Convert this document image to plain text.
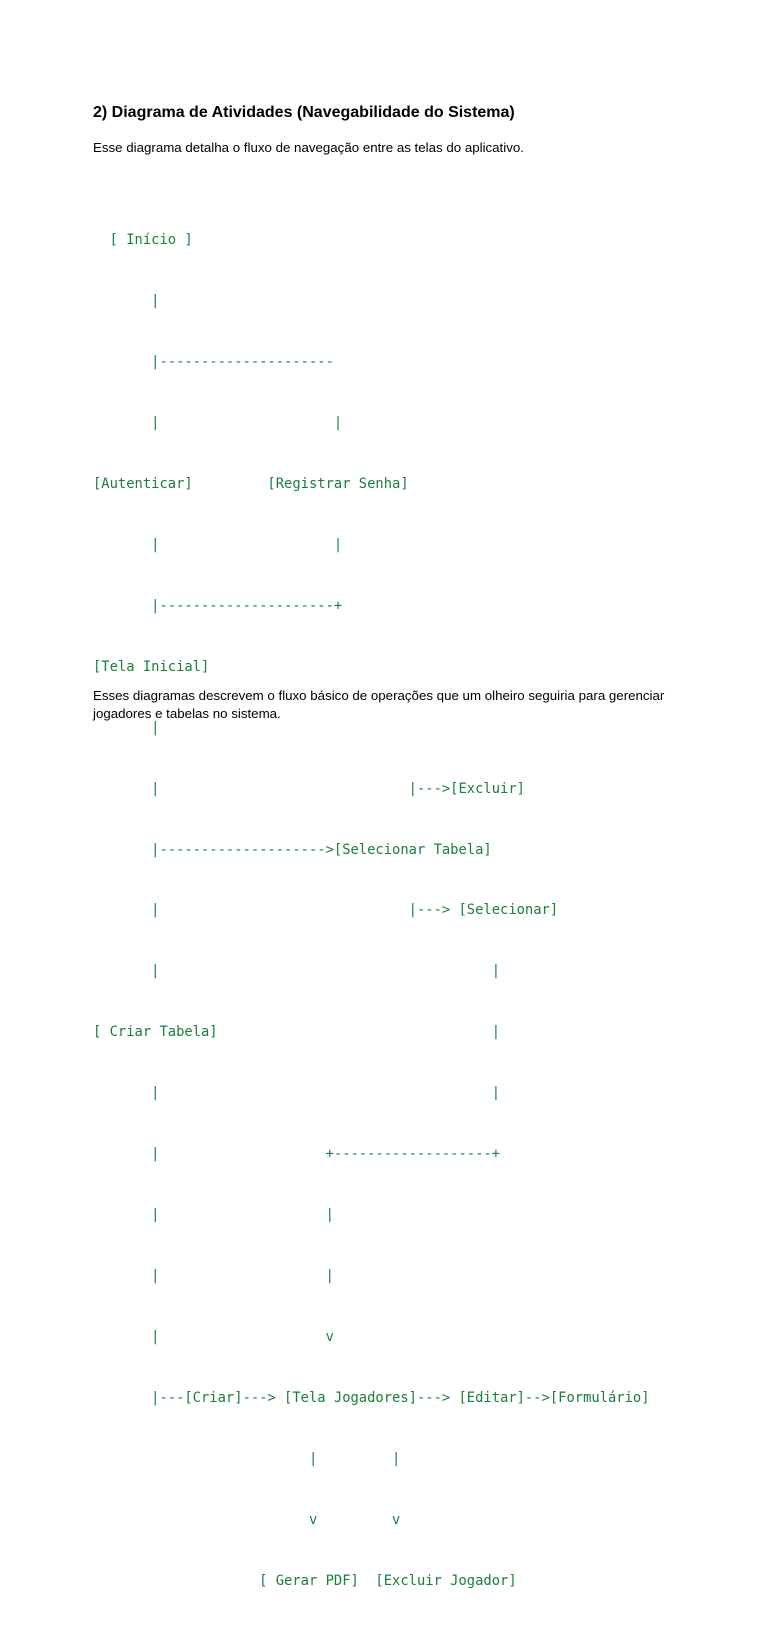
2) Diagrama de Atividades (Navegabilidade do Sistema)

Esse diagrama detalha o fluxo de navegação entre as telas do aplicativo.

[ Início ]

|

|---------------------

|                     |

[Autenticar]         [Registrar Senha]

|                     |

|---------------------+

[Tela Inicial]

|

|                              |--->[Excluir]

|-------------------->[Selecionar Tabela]

|                              |---> [Selecionar]

|                                        |

[ Criar Tabela]                                 |

|                                        |

|                    +-------------------+

|                    |

|                    |

|                    v

|---[Criar]---> [Tela Jogadores]---> [Editar]-->[Formulário]

|         |

v         v

[ Gerar PDF]  [Excluir Jogador]

Esses diagramas descrevem o fluxo básico de operações que um olheiro seguiria para gerenciar jogadores e tabelas no sistema.
